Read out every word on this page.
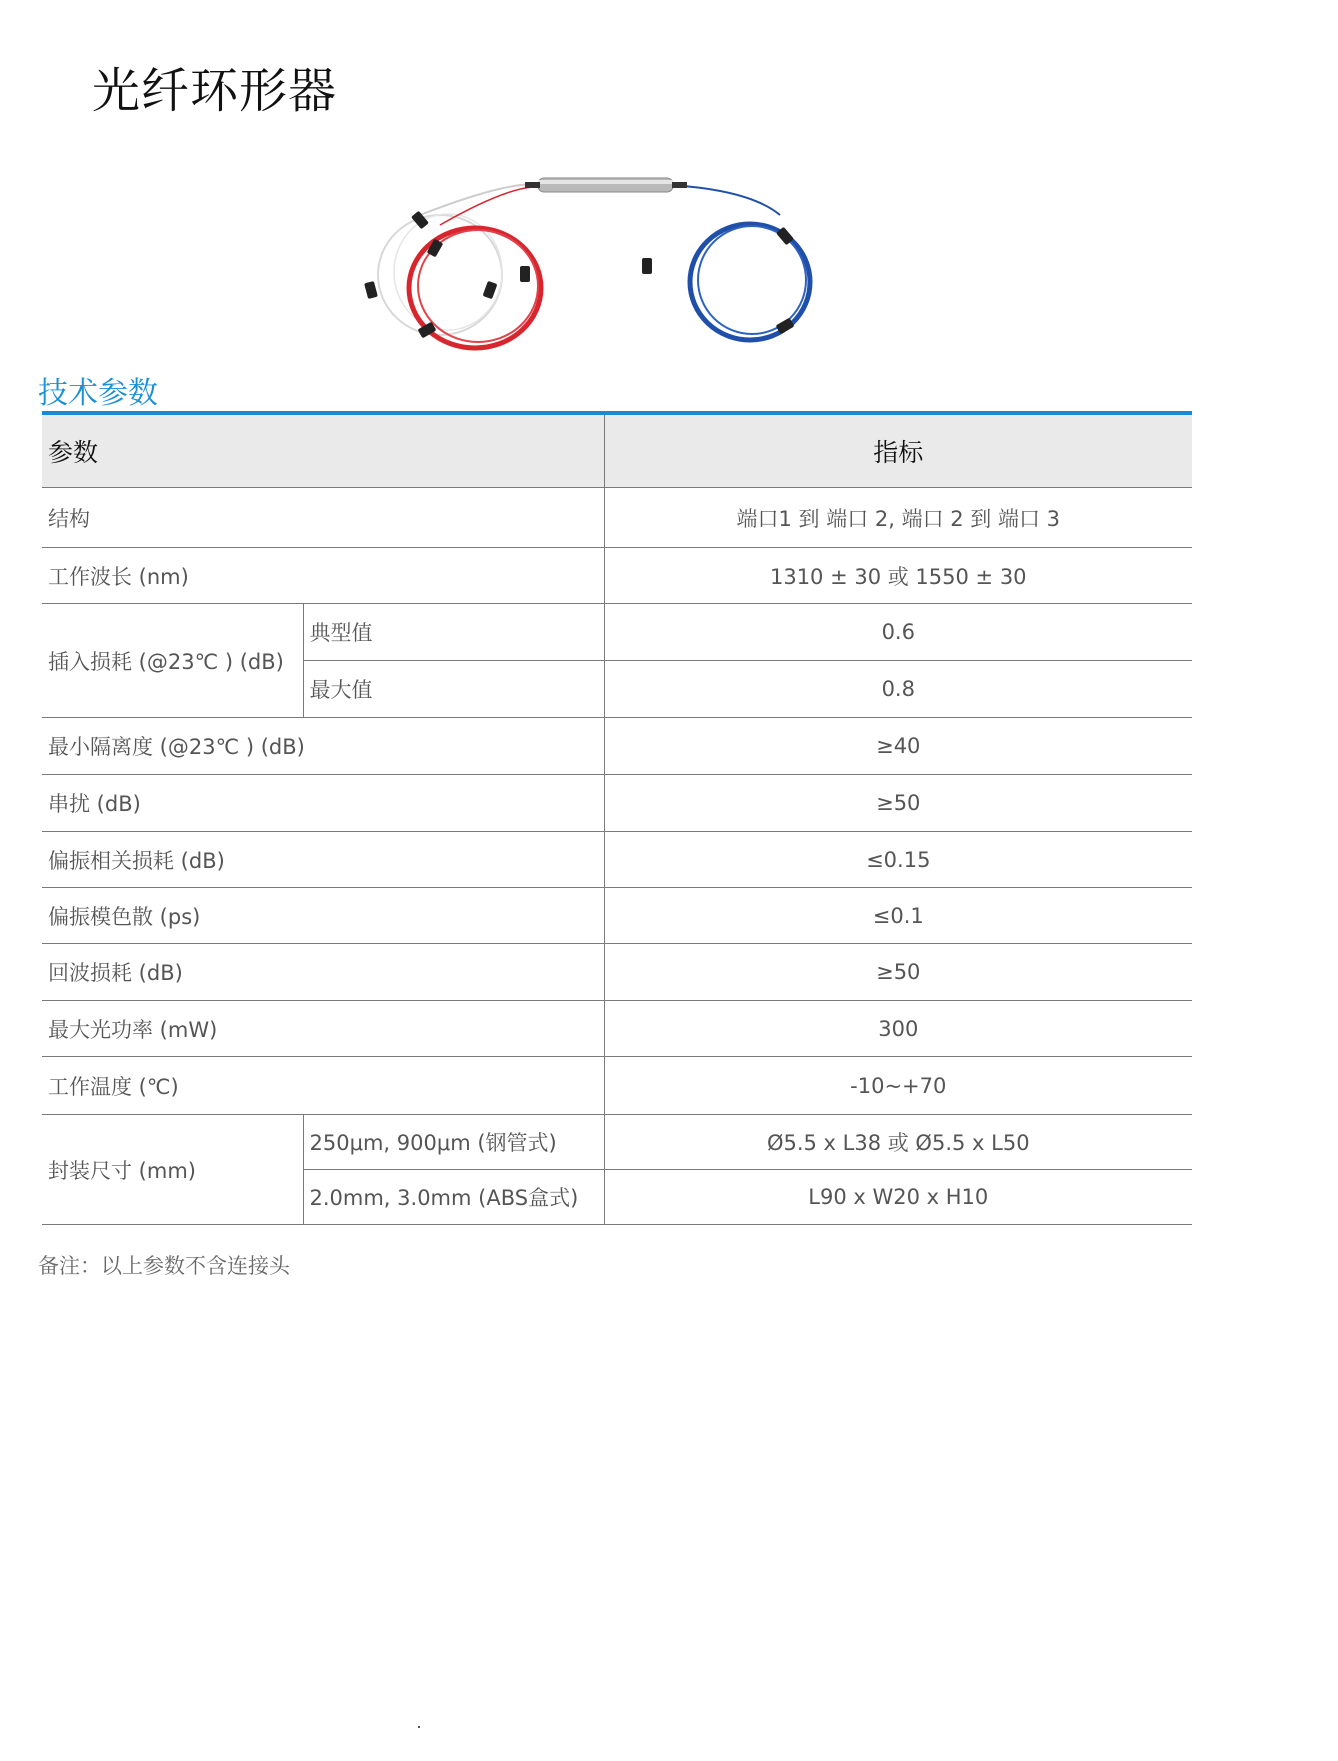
光纤环形器
技术参数
参数		指标
结构		端口1 到 端口 2, 端口 2 到 端口 3
工作波长 (nm)		1310 ± 30 或 1550 ± 30
插入损耗 (@23℃ ) (dB)	典型值	0.6
	最大值	0.8
最小隔离度 (@23℃ ) (dB)		≥40
串扰 (dB)		≥50
偏振相关损耗 (dB)		≤0.15
偏振模色散 (ps)		≤0.1
回波损耗 (dB)		≥50
最大光功率 (mW)		300
工作温度 (℃)		-10~+70
封装尺寸 (mm)	250μm, 900μm (钢管式)	Ø5.5 x L38 或 Ø5.5 x L50
	2.0mm, 3.0mm (ABS盒式)	L90 x W20 x H10
备注：以上参数不含连接头
